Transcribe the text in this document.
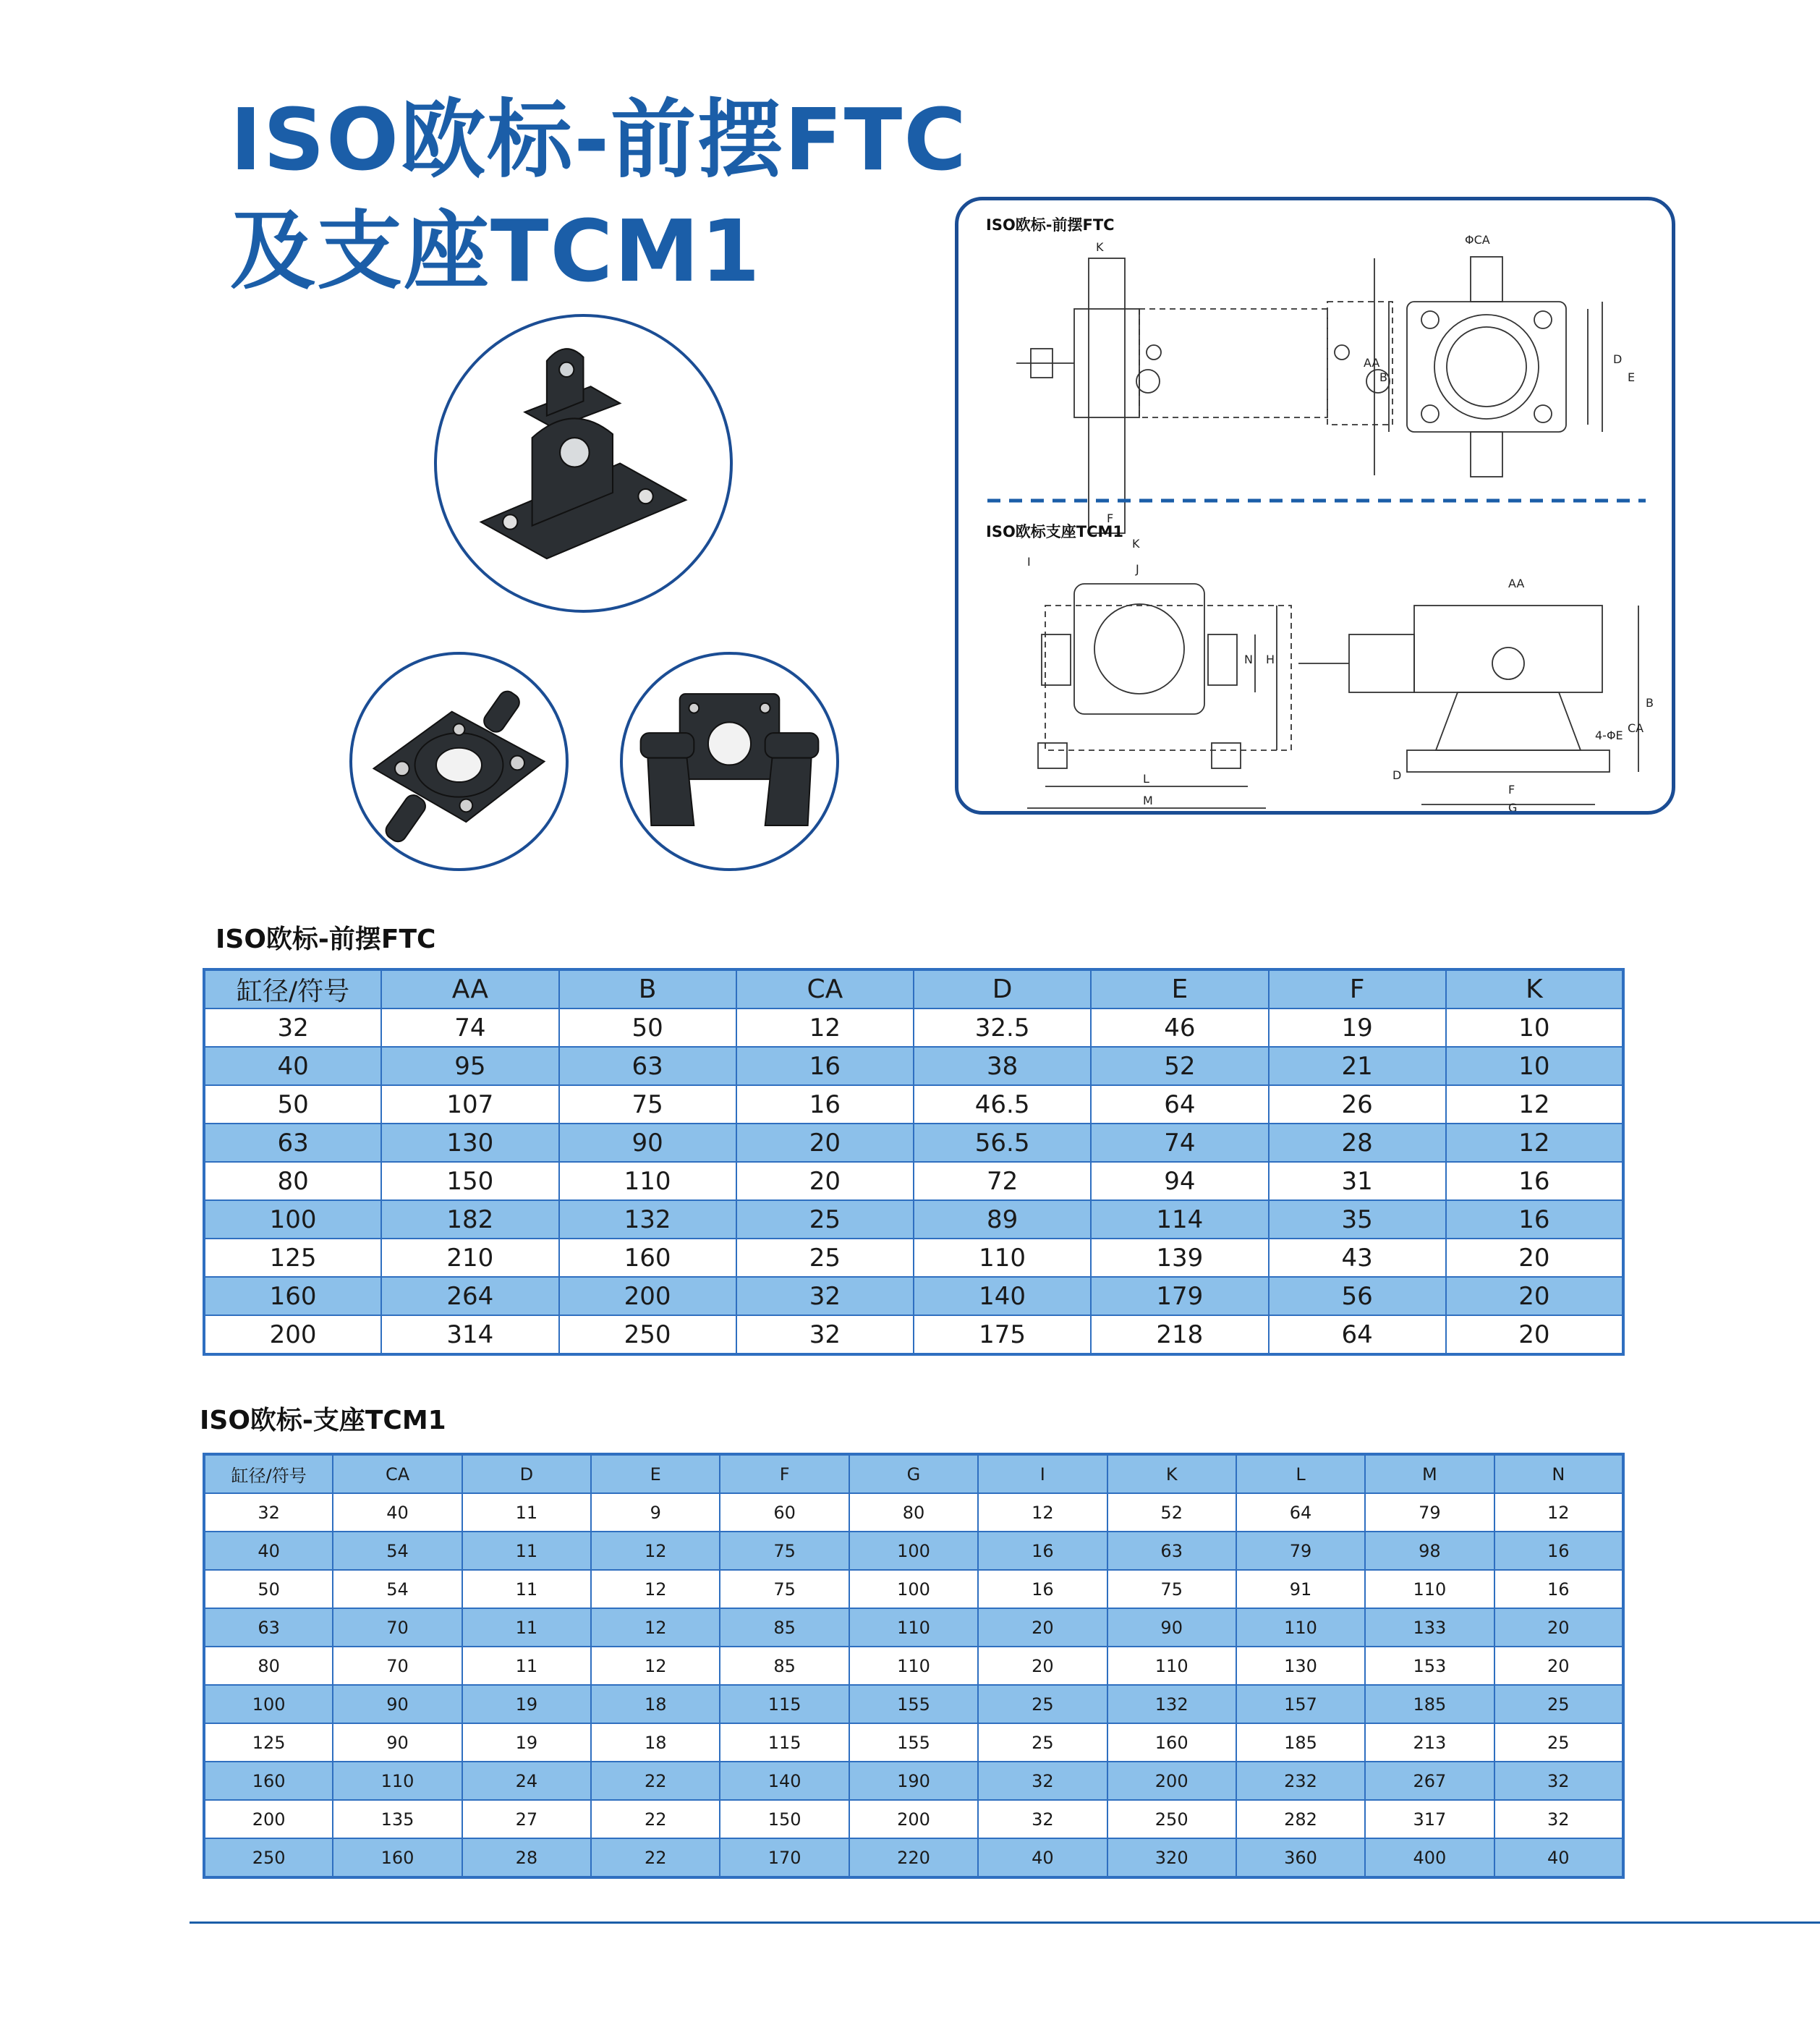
ISO欧标-前摆FTC
及支座TCM1	ISO欧标-前摆FTC
ISO欧标支座TCM1
K
ΦCA
D
E
AA
B
F
I
K
J
N H
L
M
AA
D
F
G
B
CA
4-ΦE
ISO欧标-前摆FTC
缸径/符号	AA	B	CA	D	E	F	K
32	74	50	12	32.5	46	19	10
40	95	63	16	38	52	21	10
50	107	75	16	46.5	64	26	12
63	130	90	20	56.5	74	28	12
80	150	110	20	72	94	31	16
100	182	132	25	89	114	35	16
125	210	160	25	110	139	43	20
160	264	200	32	140	179	56	20
200	314	250	32	175	218	64	20
ISO欧标-支座TCM1
缸径/符号	CA	D	E	F	G	I	K	L	M	N
32	40	11	9	60	80	12	52	64	79	12
40	54	11	12	75	100	16	63	79	98	16
50	54	11	12	75	100	16	75	91	110	16
63	70	11	12	85	110	20	90	110	133	20
80	70	11	12	85	110	20	110	130	153	20
100	90	19	18	115	155	25	132	157	185	25
125	90	19	18	115	155	25	160	185	213	25
160	110	24	22	140	190	32	200	232	267	32
200	135	27	22	150	200	32	250	282	317	32
250	160	28	22	170	220	40	320	360	400	40
